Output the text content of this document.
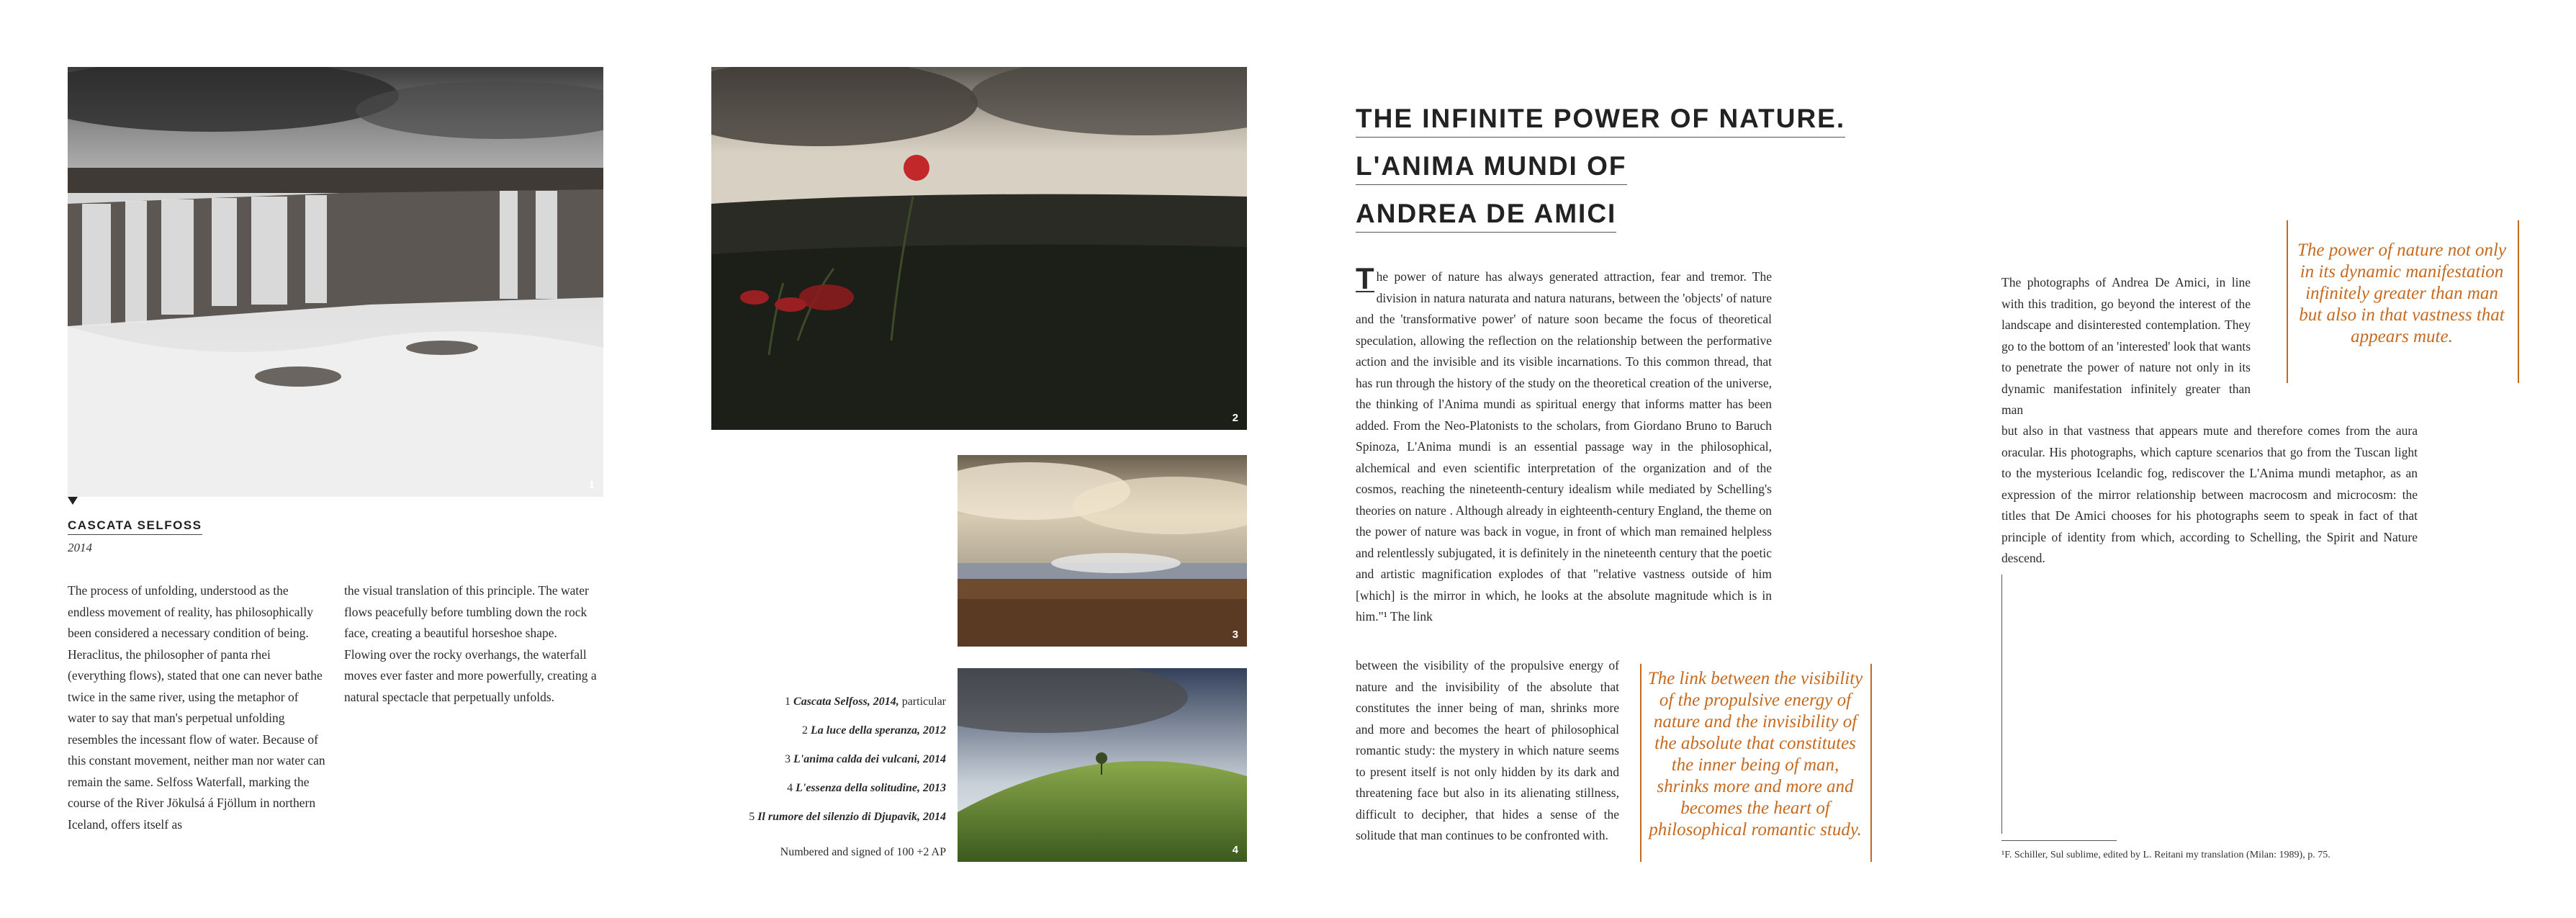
1
CASCATA SELFOSS
2014
The process of unfolding, understood as the endless movement of reality, has philosophically been considered a necessary condition of being. Heraclitus, the philosopher of panta rhei (everything flows), stated that one can never bathe twice in the same river, using the metaphor of water to say that man's perpetual unfolding resembles the incessant flow of water. Because of this constant movement, neither man nor water can remain the same. Selfoss Waterfall, marking the course of the River Jökulsá á Fjöllum in northern Iceland, offers itself as
the visual translation of this principle. The water flows peacefully before tumbling down the rock face, creating a beautiful horseshoe shape. Flowing over the rocky overhangs, the waterfall moves ever faster and more powerfully, creating a natural spectacle that perpetually unfolds.
2
3
4
1 Cascata Selfoss, 2014, particular
2 La luce della speranza, 2012
3 L'anima calda dei vulcani, 2014
4 L'essenza della solitudine, 2013
5 Il rumore del silenzio di Djupavik, 2014
Numbered and signed of 100 +2 AP
THE INFINITE POWER OF NATURE.
L'ANIMA MUNDI OF
ANDREA DE AMICI
T he power of nature has always generated attraction, fear and tremor. The division in natura naturata and natura naturans, between the 'objects' of nature and the 'transformative power' of nature soon became the focus of theoretical speculation, allowing the reflection on the relationship between the performative action and the invisible and its visible incarnations. To this common thread, that has run through the history of the study on the theoretical creation of the universe, the thinking of l'Anima mundi as spiritual energy that informs matter has been added. From the Neo-Platonists to the scholars, from Giordano Bruno to Baruch Spinoza, L'Anima mundi is an essential passage way in the philosophical, alchemical and even scientific interpretation of the organization and of the cosmos, reaching the nineteenth-century idealism while mediated by Schelling's theories on nature . Although already in eighteenth-century England, the theme on the power of nature was back in vogue, in front of which man remained helpless and relentlessly subjugated, it is definitely in the nineteenth century that the poetic and artistic magnification explodes of that "relative vastness outside of him [which] is the mirror in which, he looks at the absolute magnitude which is in him."¹ The link
between the visibility of the propulsive energy of nature and the invisibility of the absolute that constitutes the inner being of man, shrinks more and more and becomes the heart of philosophical romantic study: the mystery in which nature seems to present itself is not only hidden by its dark and threatening face but also in its alienating stillness, difficult to decipher, that hides a sense of the solitude that man continues to be confronted with.
The link between the visibility of the propulsive energy of nature and the invisibility of the absolute that constitutes the inner being of man, shrinks more and more and becomes the heart of philosophical romantic study.
The power of nature not only in its dynamic manifestation infinitely greater than man but also in that vastness that appears mute.
The photographs of Andrea De Amici, in line with this tradition, go beyond the interest of the landscape and disinterested contemplation. They go to the bottom of an 'interested' look that wants to penetrate the power of nature not only in its dynamic manifestation infinitely greater than man
but also in that vastness that appears mute and therefore comes from the aura oracular. His photographs, which capture scenarios that go from the Tuscan light to the mysterious Icelandic fog, rediscover the L'Anima mundi metaphor, as an expression of the mirror relationship between macrocosm and microcosm: the titles that De Amici chooses for his photographs seem to speak in fact of that principle of identity from which, according to Schelling, the Spirit and Nature descend.
¹F. Schiller, Sul sublime, edited by L. Reitani my translation (Milan: 1989), p. 75.
